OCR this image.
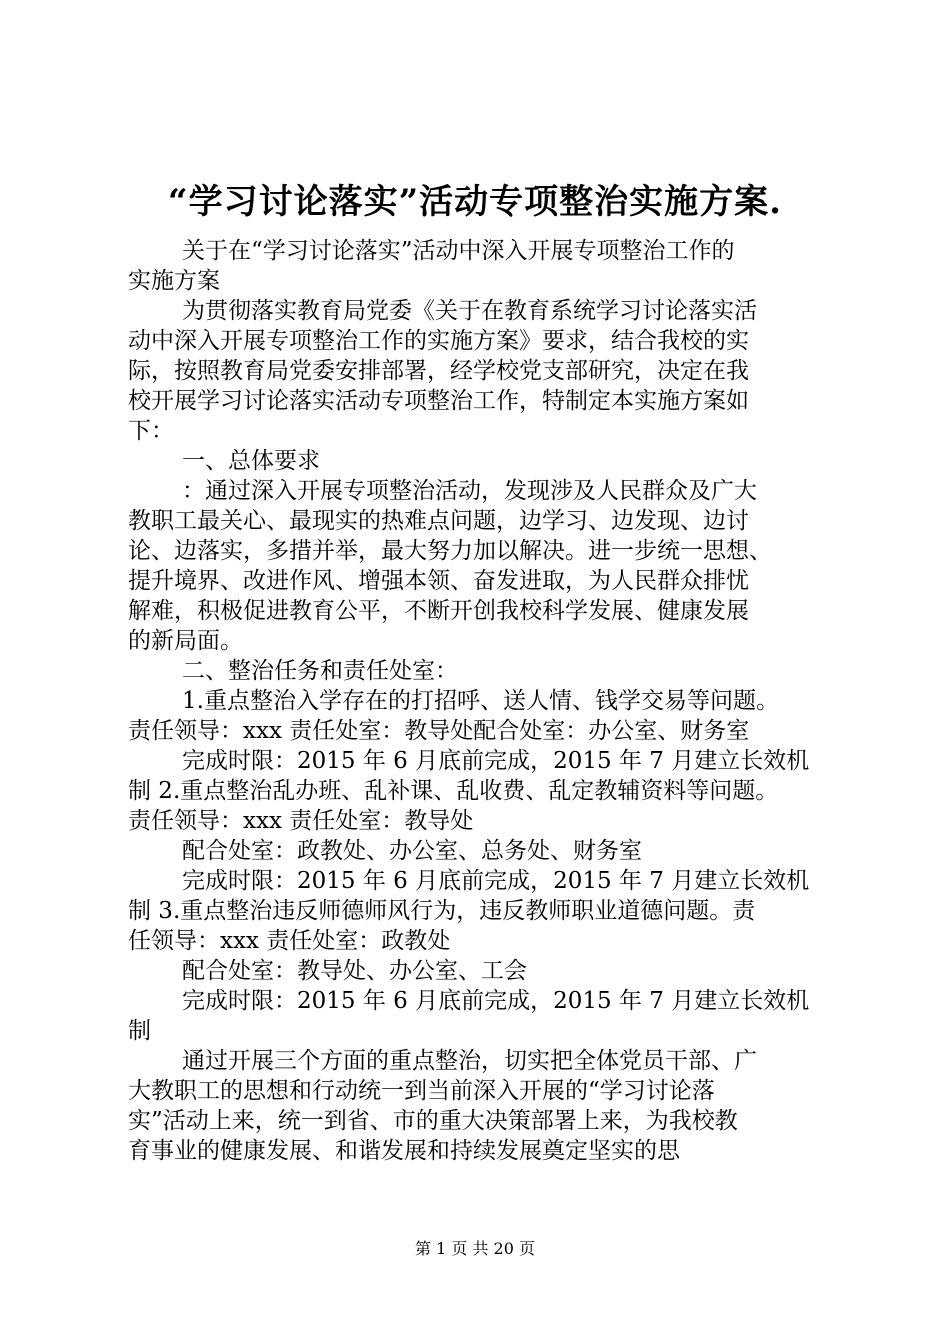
“学习讨论落实”活动专项整治实施方案.
关于在“学习讨论落实”活动中深入开展专项整治工作的
实施方案
为贯彻落实教育局党委《关于在教育系统学习讨论落实活
动中深入开展专项整治工作的实施方案》要求，结合我校的实
际，按照教育局党委安排部署，经学校党支部研究，决定在我
校开展学习讨论落实活动专项整治工作，特制定本实施方案如
下：
一、总体要求
：通过深入开展专项整治活动，发现涉及人民群众及广大
教职工最关心、最现实的热难点问题，边学习、边发现、边讨
论、边落实，多措并举，最大努力加以解决。进一步统一思想、
提升境界、改进作风、增强本领、奋发进取，为人民群众排忧
解难，积极促进教育公平，不断开创我校科学发展、健康发展
的新局面。
二、整治任务和责任处室：
1.重点整治入学存在的打招呼、送人情、钱学交易等问题。
责任领导：xxx 责任处室：教导处配合处室：办公室、财务室
完成时限：2015 年 6 月底前完成，2015 年 7 月建立长效机
制 2.重点整治乱办班、乱补课、乱收费、乱定教辅资料等问题。
责任领导：xxx 责任处室：教导处
配合处室：政教处、办公室、总务处、财务室
完成时限：2015 年 6 月底前完成，2015 年 7 月建立长效机
制 3.重点整治违反师德师风行为，违反教师职业道德问题。责
任领导：xxx 责任处室：政教处
配合处室：教导处、办公室、工会
完成时限：2015 年 6 月底前完成，2015 年 7 月建立长效机
制
通过开展三个方面的重点整治，切实把全体党员干部、广
大教职工的思想和行动统一到当前深入开展的“学习讨论落
实”活动上来，统一到省、市的重大决策部署上来，为我校教
育事业的健康发展、和谐发展和持续发展奠定坚实的思
第 1 页 共 20 页
